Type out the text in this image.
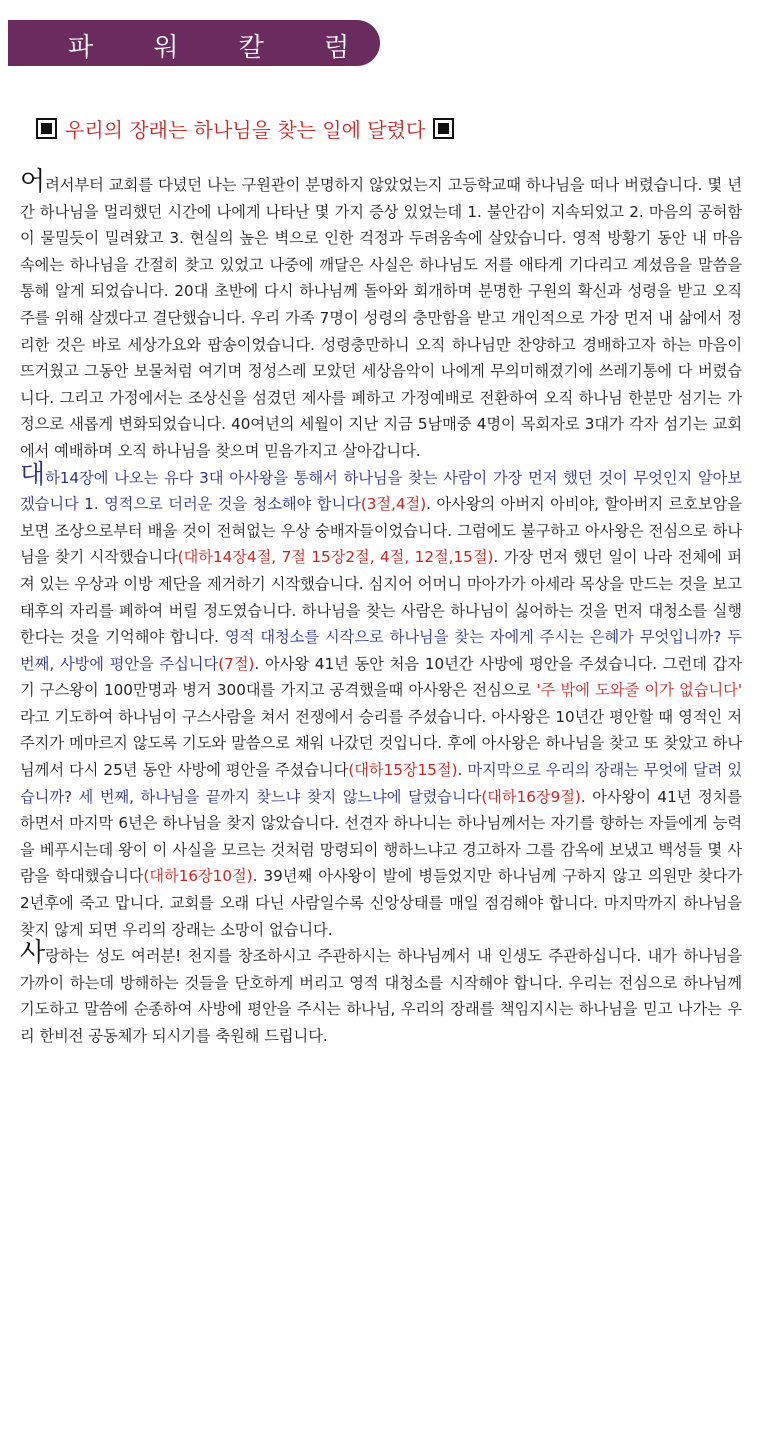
파 워 칼 럼
우리의 장래는 하나님을 찾는 일에 달렸다

어려서부터 교회를 다녔던 나는 구원관이 분명하지 않았었는지 고등학교때 하나님을 떠나 버렸습니다. 몇 년간 하나님을 멀리했던 시간에 나에게 나타난 몇 가지 증상 있었는데 1. 불안감이 지속되었고 2. 마음의 공허함이 물밀듯이 밀려왔고 3. 현실의 높은 벽으로 인한 걱정과 두려움속에 살았습니다. 영적 방황기 동안 내 마음속에는 하나님을 간절히 찾고 있었고 나중에 깨달은 사실은 하나님도 저를 애타게 기다리고 계셨음을 말씀을 통해 알게 되었습니다. 20대 초반에 다시 하나님께 돌아와 회개하며 분명한 구원의 확신과 성령을 받고 오직 주를 위해 살겠다고 결단했습니다. 우리 가족 7명이 성령의 충만함을 받고 개인적으로 가장 먼저 내 삶에서 정리한 것은 바로 세상가요와 팝송이었습니다. 성령충만하니 오직 하나님만 찬양하고 경배하고자 하는 마음이 뜨거웠고 그동안 보물처럼 여기며 정성스레 모았던 세상음악이 나에게 무의미해졌기에 쓰레기통에 다 버렸습니다. 그리고 가정에서는 조상신을 섬겼던 제사를 폐하고 가정예배로 전환하여 오직 하나님 한분만 섬기는 가정으로 새롭게 변화되었습니다. 40여년의 세월이 지난 지금 5남매중 4명이 목회자로 3대가 각자 섬기는 교회에서 예배하며 오직 하나님을 찾으며 믿음가지고 살아갑니다.

대하14장에 나오는 유다 3대 아사왕을 통해서 하나님을 찾는 사람이 가장 먼저 했던 것이 무엇인지 알아보겠습니다 1. 영적으로 더러운 것을 청소해야 합니다(3절,4절). 아사왕의 아버지 아비야, 할아버지 르호보암을 보면 조상으로부터 배울 것이 전혀없는 우상 숭배자들이었습니다. 그럼에도 불구하고 아사왕은 전심으로 하나님을 찾기 시작했습니다(대하14장4절, 7절 15장2절, 4절, 12절,15절). 가장 먼저 했던 일이 나라 전체에 퍼져 있는 우상과 이방 제단을 제거하기 시작했습니다. 심지어 어머니 마아가가 아세라 목상을 만드는 것을 보고 태후의 자리를 폐하여 버릴 정도였습니다. 하나님을 찾는 사람은 하나님이 싫어하는 것을 먼저 대청소를 실행한다는 것을 기억해야 합니다. 영적 대청소를 시작으로 하나님을 찾는 자에게 주시는 은혜가 무엇입니까? 두 번째, 사방에 평안을 주십니다(7절). 아사왕 41년 동안 처음 10년간 사방에 평안을 주셨습니다. 그런데 갑자기 구스왕이 100만명과 병거 300대를 가지고 공격했을때 아사왕은 전심으로 '주 밖에 도와줄 이가 없습니다' 라고 기도하여 하나님이 구스사람을 쳐서 전쟁에서 승리를 주셨습니다. 아사왕은 10년간 평안할 때 영적인 저주지가 메마르지 않도록 기도와 말씀으로 채워 나갔던 것입니다. 후에 아사왕은 하나님을 찾고 또 찾았고 하나님께서 다시 25년 동안 사방에 평안을 주셨습니다(대하15장15절). 마지막으로 우리의 장래는 무엇에 달려 있습니까? 세 번째, 하나님을 끝까지 찾느냐 찾지 않느냐에 달렸습니다(대하16장9절). 아사왕이 41년 정치를 하면서 마지막 6년은 하나님을 찾지 않았습니다. 선견자 하나니는 하나님께서는 자기를 향하는 자들에게 능력을 베푸시는데 왕이 이 사실을 모르는 것처럼 망령되이 행하느냐고 경고하자 그를 감옥에 보냈고 백성들 몇 사람을 학대했습니다(대하16장10절). 39년째 아사왕이 발에 병들었지만 하나님께 구하지 않고 의원만 찾다가 2년후에 죽고 맙니다. 교회를 오래 다닌 사람일수록 신앙상태를 매일 점검해야 합니다. 마지막까지 하나님을 찾지 않게 되면 우리의 장래는 소망이 없습니다.

사랑하는 성도 여러분! 천지를 창조하시고 주관하시는 하나님께서 내 인생도 주관하십니다. 내가 하나님을 가까이 하는데 방해하는 것들을 단호하게 버리고 영적 대청소를 시작해야 합니다. 우리는 전심으로 하나님께 기도하고 말씀에 순종하여 사방에 평안을 주시는 하나님, 우리의 장래를 책임지시는 하나님을 믿고 나가는 우리 한비전 공동체가 되시기를 축원해 드립니다.
